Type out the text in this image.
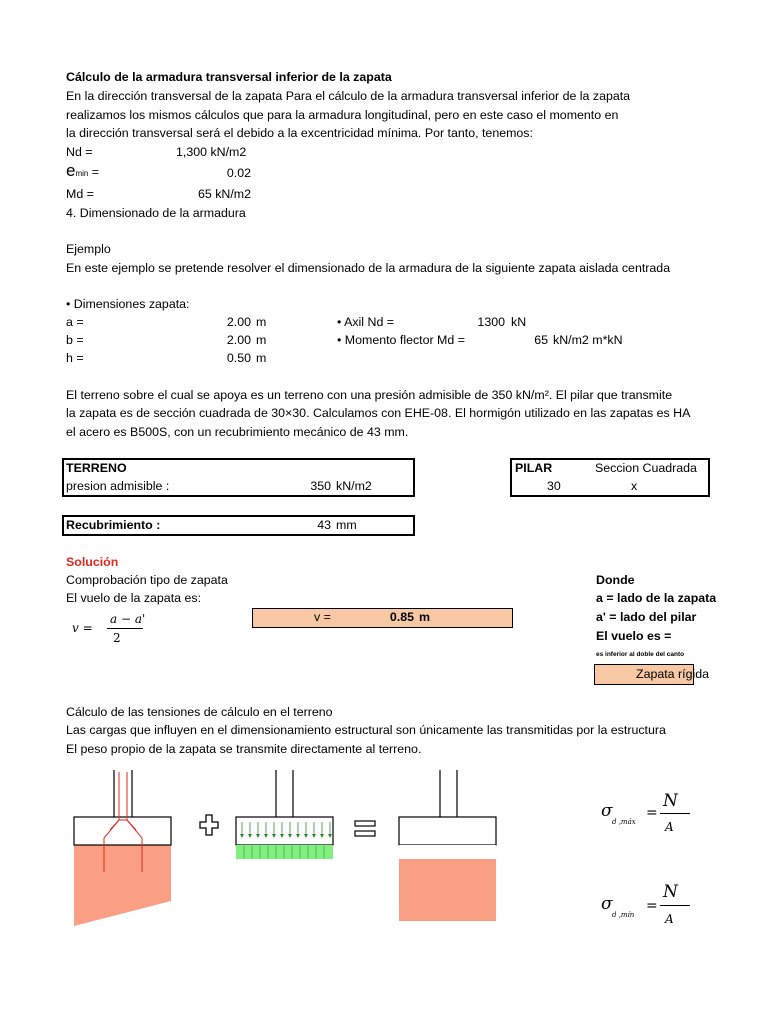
Cálculo de la armadura transversal inferior de la zapata
En la dirección transversal de la zapata Para el cálculo de la armadura transversal inferior de la zapata
realizamos los mismos cálculos que para la armadura longitudinal, pero en este caso el momento en
la dirección transversal será el debido a la excentricidad mínima. Por tanto, tenemos:
Nd =	1,300 kN/m2
emin =	0.02
Md =	65 kN/m2
4. Dimensionado de la armadura
Ejemplo
En este ejemplo se pretende resolver el dimensionado de la armadura de la siguiente zapata aislada centrada
• Dimensiones zapata:
a =	2.00 m
b =	2.00 m
h =	0.50 m
• Axil Nd =	1300 kN
• Momento flector Md =	65 kN/m2 m*kN
El terreno sobre el cual se apoya es un terreno con una presión admisible de 350 kN/m². El pilar que transmite
la zapata es de sección cuadrada de 30×30. Calculamos con EHE-08. El hormigón utilizado en las zapatas es HA
el acero es B500S, con un recubrimiento mecánico de 43 mm.
TERRENO
presion admisible :	350 kN/m2
Recubrimiento :	43 mm
PILAR	Seccion Cuadrada
30	x
Solución
Comprobación tipo de zapata
El vuelo de la zapata es:
v =
a − a'
2
v =	0.85 m
Donde
a = lado de la zapata
a' = lado del pilar
El vuelo es =
es inferior al doble del canto
Zapata rígida
Cálculo de las tensiones de cálculo en el terreno
Las cargas que influyen en el dimensionamiento estructural son únicamente las transmitidas por la estructura
El peso propio de la zapata se transmite directamente al terreno.
σ
d ,máx
=
N
A
σ
d ,mín
=
N
A
